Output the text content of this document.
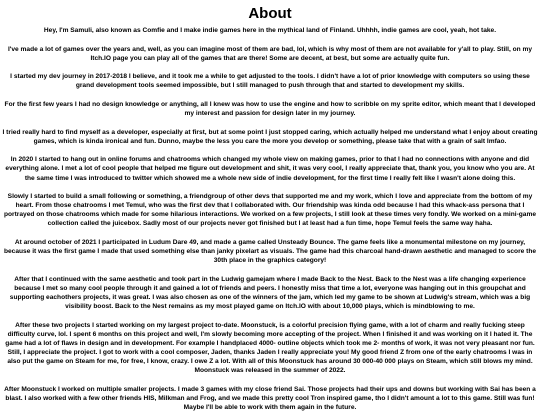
About

Hey, I'm Samuli, also known as Comfie and I make indie games here in the mythical land of Finland. Uhhhh, indie games are cool, yeah, hot take.

I've made a lot of games over the years and, well, as you can imagine most of them are bad, lol, which is why most of them are not available for y'all to play. Still, on my Itch.IO page you can play all of the games that are there! Some are decent, at best, but some are actually quite fun.

I started my dev journey in 2017-2018 I believe, and it took me a while to get adjusted to the tools. I didn't have a lot of prior knowledge with computers so using these grand development tools seemed impossible, but I still managed to push through that and started to development my skills.

For the first few years I had no design knowledge or anything, all I knew was how to use the engine and how to scribble on my sprite editor, which meant that I developed my interest and passion for design later in my journey.

I tried really hard to find myself as a developer, especially at first, but at some point I just stopped caring, which actually helped me understand what I enjoy about creating games, which is kinda ironical and fun. Dunno, maybe the less you care the more you develop or something, please take that with a grain of salt lmfao.

In 2020 I started to hang out in online forums and chatrooms which changed my whole view on making games, prior to that I had no connections with anyone and did everything alone. I met a lot of cool people that helped me figure out development and shit, it was very cool, I really appreciate that, thank you, you know who you are. At the same time I was introduced to twitter which showed me a whole new side of indie development, for the first time I really felt like I wasn't alone doing this.

Slowly I started to build a small following or something, a friendgroup of other devs that supported me and my work, which I love and appreciate from the bottom of my heart. From those chatrooms I met Temul, who was the first dev that I collaborated with. Our friendship was kinda odd because I had this whack-ass persona that I portrayed on those chatrooms which made for some hilarious interactions. We worked on a few projects, I still look at these times very fondly. We worked on a mini-game collection called the juicebox. Sadly most of our projects never got finished but I at least had a fun time, hope Temul feels the same way haha.

At around october of 2021 I participated in Ludum Dare 49, and made a game called Unsteady Bounce. The game feels like a monumental milestone on my journey, because it was the first game I made that used something else than janky pixelart as visuals. The game had this charcoal hand-drawn aesthetic and managed to score the 30th place in the graphics category!

After that I continued with the same aesthetic and took part in the Ludwig gamejam where I made Back to the Nest. Back to the Nest was a life changing experience because I met so many cool people through it and gained a lot of friends and peers. I honestly miss that time a lot, everyone was hanging out in this groupchat and supporting eachothers projects, it was great. I was also chosen as one of the winners of the jam, which led my game to be shown at Ludwig's stream, which was a big visibility boost. Back to the Nest remains as my most played game on Itch.IO with about 10,000 plays, which is mindblowing to me.

After these two projects I started working on my largest project to-date. Moonstuck, is a colorful precision flying game, with a lot of charm and really fucking steep difficulty curve, lol. I spent 6 months on this project and well, I'm slowly becoming more accepting of the project. When I finished it and was working on it I hated it. The game had a lot of flaws in design and in development. For example I handplaced 4000- outline objects which took me 2- months of work, it was not very pleasant nor fun. Still, I appreciate the project. I got to work with a cool composer, Jaden, thanks Jaden I really appreciate you! My good friend Z from one of the early chatrooms I was in also put the game on Steam for me, for free, I know, crazy. I owe Z a lot. With all of this Moonstuck has around 30 000-40 000 plays on Steam, which still blows my mind. Moonstuck was released in the summer of 2022.

After Moonstuck I worked on multiple smaller projects. I made 3 games with my close friend Sai. Those projects had their ups and downs but working with Sai has been a blast. I also worked with a few other friends HIS, Milkman and Frog, and we made this pretty cool Tron inspired game, tho I didn't amount a lot to this game. Still was fun! Maybe I'll be able to work with them again in the future.
